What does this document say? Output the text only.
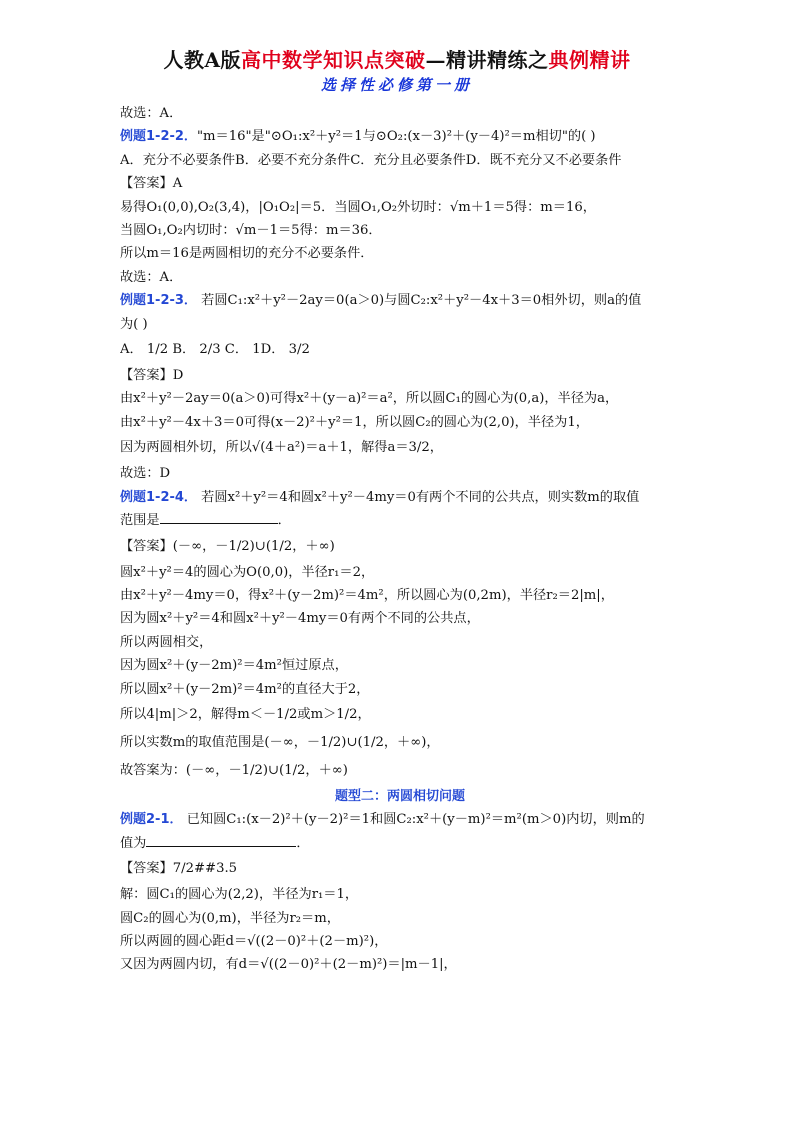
人教A版高中数学知识点突破—精讲精练之典例精讲
选择性必修第一册
故选：A．
例题1-2-2．"m＝16"是"⊙O₁:x²＋y²＝1与⊙O₂:(x－3)²＋(y－4)²＝m相切"的( )
A．充分不必要条件B．必要不充分条件C．充分且必要条件D．既不充分又不必要条件
【答案】A
易得O₁(0,0),O₂(3,4)，|O₁O₂|＝5．当圆O₁,O₂外切时：√m＋1＝5得：m＝16，
当圆O₁,O₂内切时：√m－1＝5得：m＝36．
所以m＝16是两圆相切的充分不必要条件．
故选：A．
例题1-2-3． 若圆C₁:x²＋y²－2ay＝0(a＞0)与圆C₂:x²＋y²－4x＋3＝0相外切，则a的值
为( )
A． 1/2 B． 2/3 C． 1D． 3/2
【答案】D
由x²＋y²－2ay＝0(a＞0)可得x²＋(y－a)²＝a²，所以圆C₁的圆心为(0,a)，半径为a，
由x²＋y²－4x＋3＝0可得(x－2)²＋y²＝1，所以圆C₂的圆心为(2,0)，半径为1，
因为两圆相外切，所以√(4＋a²)＝a＋1，解得a＝3/2，
故选：D
例题1-2-4． 若圆x²＋y²＝4和圆x²＋y²－4my＝0有两个不同的公共点，则实数m的取值
范围是	．
【答案】(－∞，－1/2)∪(1/2，＋∞)
圆x²＋y²＝4的圆心为O(0,0)，半径r₁＝2，
由x²＋y²－4my＝0，得x²＋(y－2m)²＝4m²，所以圆心为(0,2m)，半径r₂＝2|m|，
因为圆x²＋y²＝4和圆x²＋y²－4my＝0有两个不同的公共点，
所以两圆相交，
因为圆x²＋(y－2m)²＝4m²恒过原点，
所以圆x²＋(y－2m)²＝4m²的直径大于2，
所以4|m|＞2，解得m＜－1/2或m＞1/2，
所以实数m的取值范围是(－∞，－1/2)∪(1/2，＋∞)，
故答案为：(－∞，－1/2)∪(1/2，＋∞)
题型二：两圆相切问题
例题2-1． 已知圆C₁:(x－2)²＋(y－2)²＝1和圆C₂:x²＋(y－m)²＝m²(m＞0)内切，则m的
值为	．
【答案】7/2##3.5
解：圆C₁的圆心为(2,2)，半径为r₁＝1，
圆C₂的圆心为(0,m)，半径为r₂＝m，
所以两圆的圆心距d＝√((2－0)²＋(2－m)²)，
又因为两圆内切，有d＝√((2－0)²＋(2－m)²)＝|m－1|，
